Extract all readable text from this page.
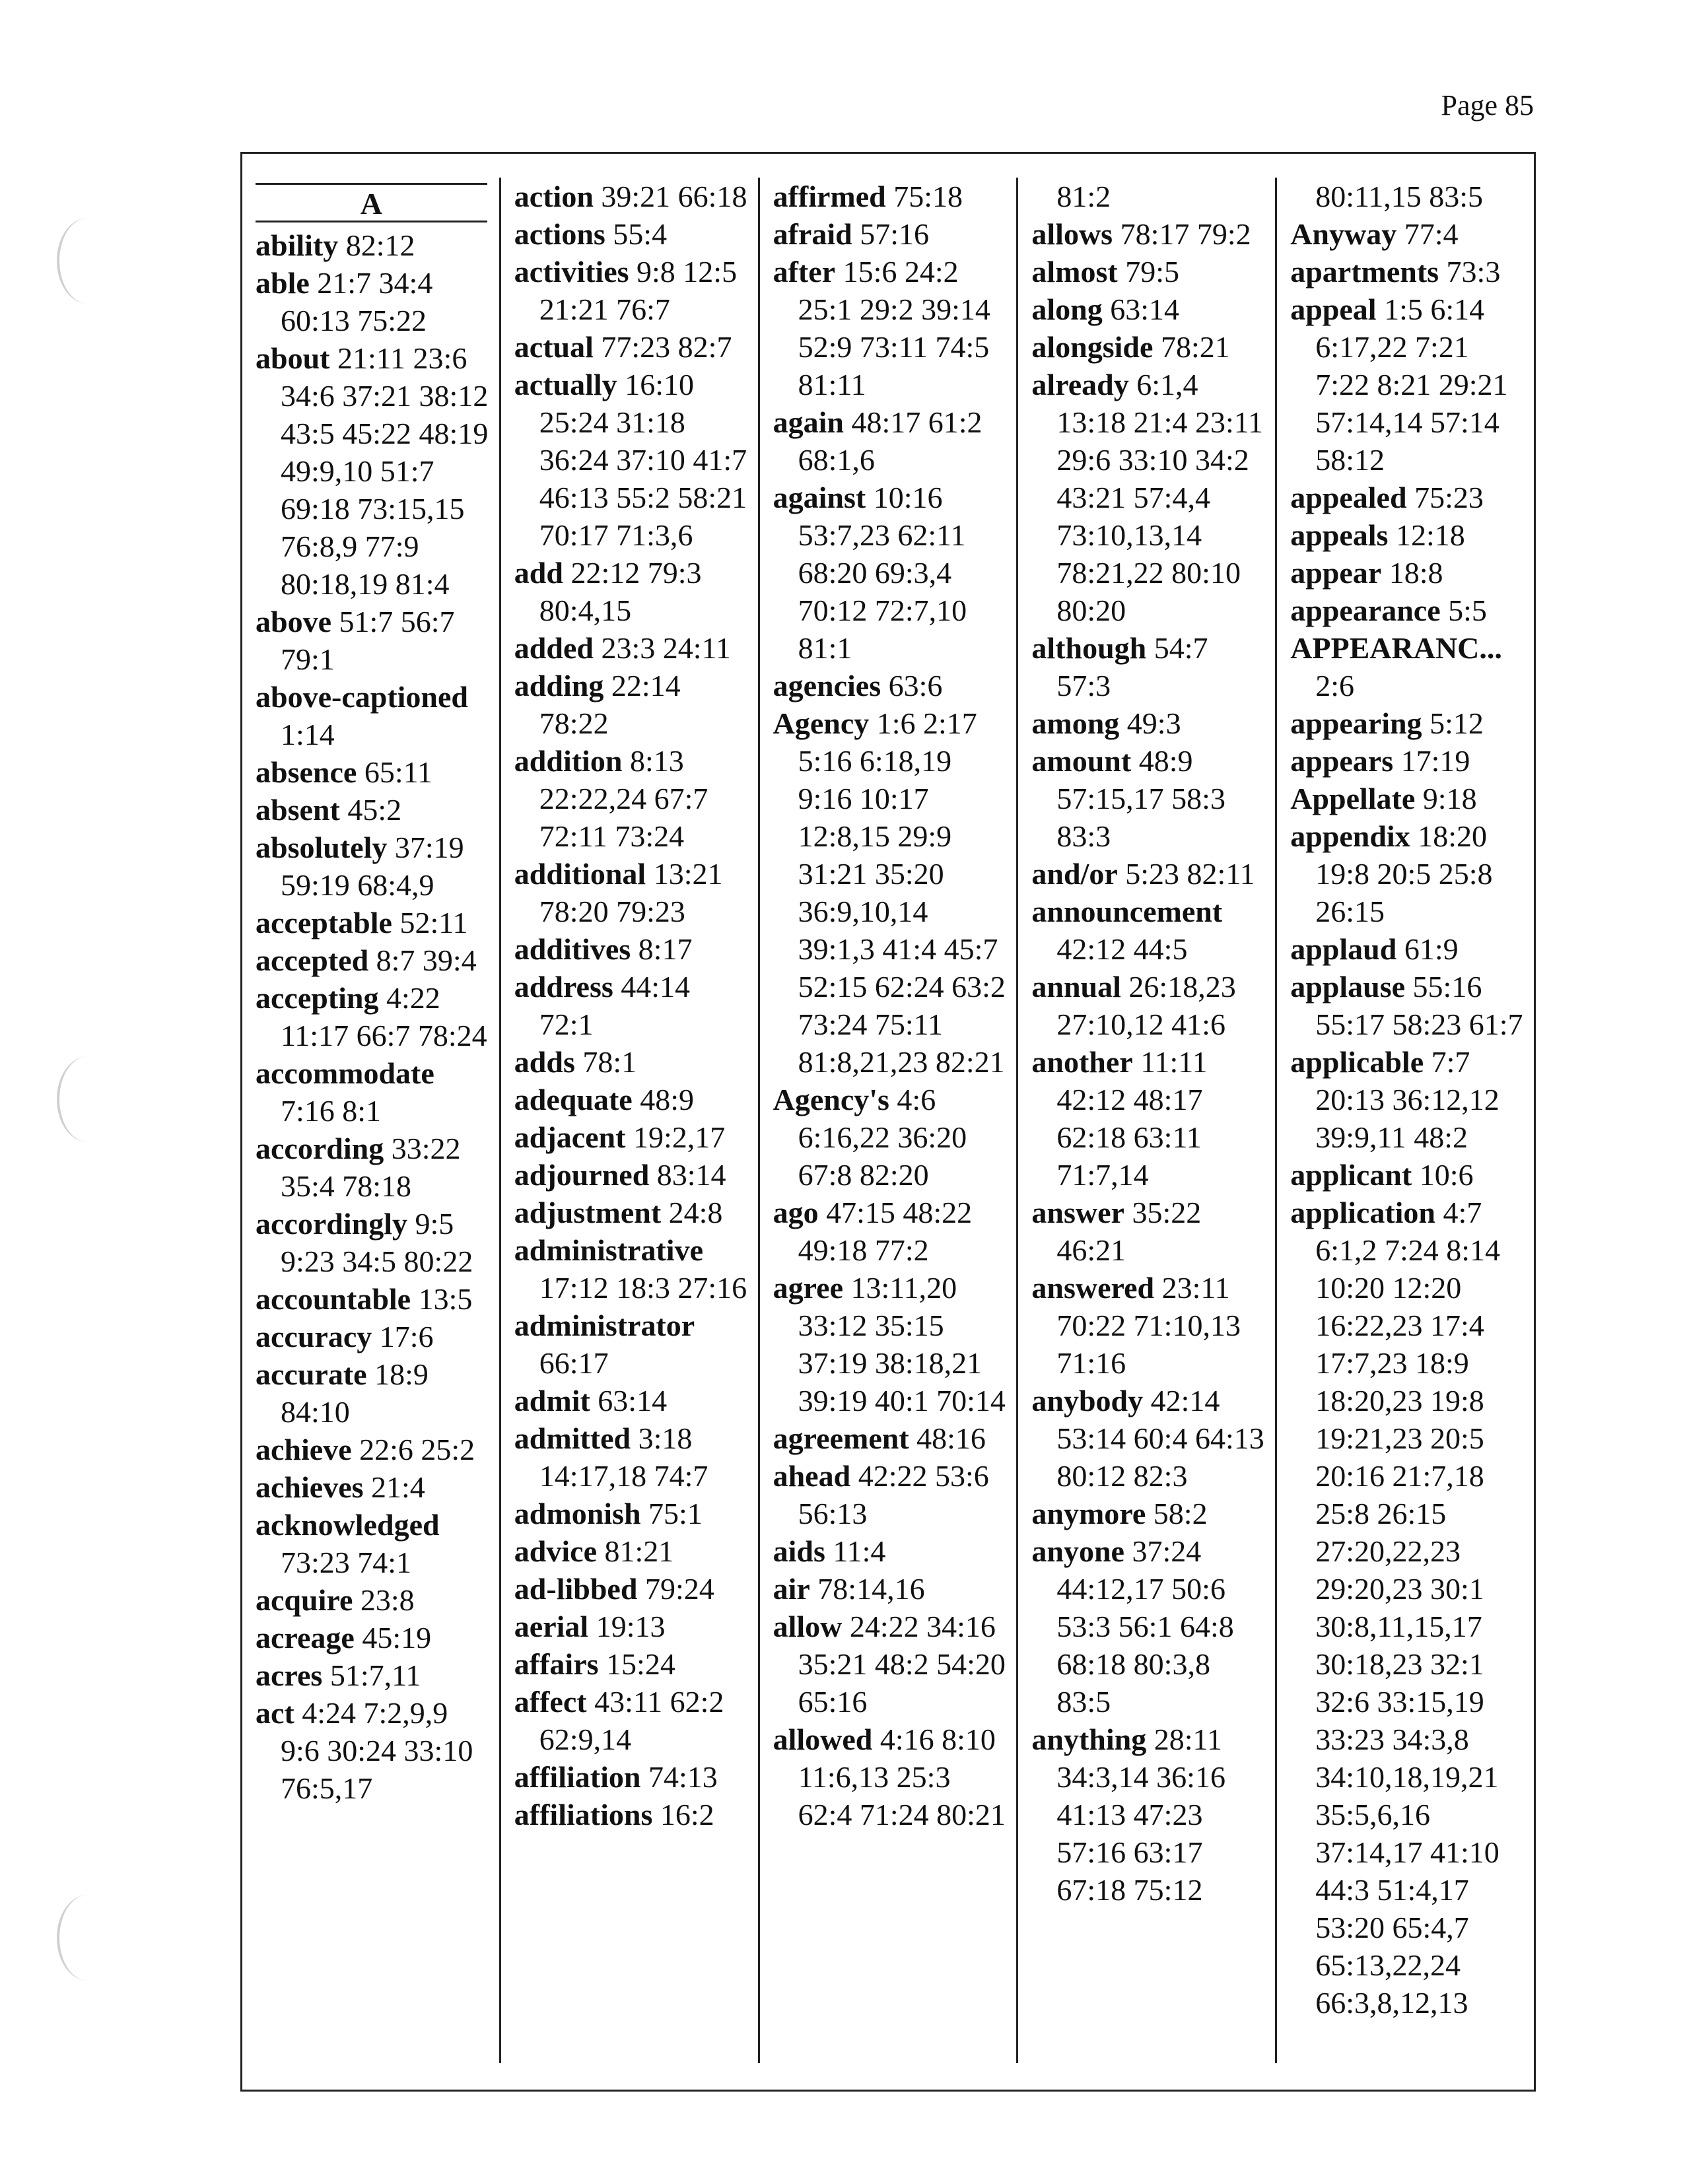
Page 85
A
ability 82:12
able 21:7 34:4 60:13 75:22
about 21:11 23:6 34:6 37:21 38:12 43:5 45:22 48:19 49:9,10 51:7 69:18 73:15,15 76:8,9 77:9 80:18,19 81:4
above 51:7 56:7 79:1
above-captioned 1:14
absence 65:11
absent 45:2
absolutely 37:19 59:19 68:4,9
acceptable 52:11
accepted 8:7 39:4
accepting 4:22 11:17 66:7 78:24
accommodate 7:16 8:1
according 33:22 35:4 78:18
accordingly 9:5 9:23 34:5 80:22
accountable 13:5
accuracy 17:6
accurate 18:9 84:10
achieve 22:6 25:2
achieves 21:4
acknowledged 73:23 74:1
acquire 23:8
acreage 45:19
acres 51:7,11
act 4:24 7:2,9,9 9:6 30:24 33:10 76:5,17
action 39:21 66:18
actions 55:4
activities 9:8 12:5 21:21 76:7
actual 77:23 82:7
actually 16:10 25:24 31:18 36:24 37:10 41:7 46:13 55:2 58:21 70:17 71:3,6
add 22:12 79:3 80:4,15
added 23:3 24:11
adding 22:14 78:22
addition 8:13 22:22,24 67:7 72:11 73:24
additional 13:21 78:20 79:23
additives 8:17
address 44:14 72:1
adds 78:1
adequate 48:9
adjacent 19:2,17
adjourned 83:14
adjustment 24:8
administrative 17:12 18:3 27:16
administrator 66:17
admit 63:14
admitted 3:18 14:17,18 74:7
admonish 75:1
advice 81:21
ad-libbed 79:24
aerial 19:13
affairs 15:24
affect 43:11 62:2 62:9,14
affiliation 74:13
affiliations 16:2
affirmed 75:18
afraid 57:16
after 15:6 24:2 25:1 29:2 39:14 52:9 73:11 74:5 81:11
again 48:17 61:2 68:1,6
against 10:16 53:7,23 62:11 68:20 69:3,4 70:12 72:7,10 81:1
agencies 63:6
Agency 1:6 2:17 5:16 6:18,19 9:16 10:17 12:8,15 29:9 31:21 35:20 36:9,10,14 39:1,3 41:4 45:7 52:15 62:24 63:2 73:24 75:11 81:8,21,23 82:21
Agency's 4:6 6:16,22 36:20 67:8 82:20
ago 47:15 48:22 49:18 77:2
agree 13:11,20 33:12 35:15 37:19 38:18,21 39:19 40:1 70:14
agreement 48:16
ahead 42:22 53:6 56:13
aids 11:4
air 78:14,16
allow 24:22 34:16 35:21 48:2 54:20 65:16
allowed 4:16 8:10 11:6,13 25:3 62:4 71:24 80:21
81:2
allows 78:17 79:2
almost 79:5
along 63:14
alongside 78:21
already 6:1,4 13:18 21:4 23:11 29:6 33:10 34:2 43:21 57:4,4 73:10,13,14 78:21,22 80:10 80:20
although 54:7 57:3
among 49:3
amount 48:9 57:15,17 58:3 83:3
and/or 5:23 82:11
announcement 42:12 44:5
annual 26:18,23 27:10,12 41:6
another 11:11 42:12 48:17 62:18 63:11 71:7,14
answer 35:22 46:21
answered 23:11 70:22 71:10,13 71:16
anybody 42:14 53:14 60:4 64:13 80:12 82:3
anymore 58:2
anyone 37:24 44:12,17 50:6 53:3 56:1 64:8 68:18 80:3,8 83:5
anything 28:11 34:3,14 36:16 41:13 47:23 57:16 63:17 67:18 75:12
80:11,15 83:5
Anyway 77:4
apartments 73:3
appeal 1:5 6:14 6:17,22 7:21 7:22 8:21 29:21 57:14,14 57:14 58:12
appealed 75:23
appeals 12:18
appear 18:8
appearance 5:5
APPEARANC... 2:6
appearing 5:12
appears 17:19
Appellate 9:18
appendix 18:20 19:8 20:5 25:8 26:15
applaud 61:9
applause 55:16 55:17 58:23 61:7
applicable 7:7 20:13 36:12,12 39:9,11 48:2
applicant 10:6
application 4:7 6:1,2 7:24 8:14 10:20 12:20 16:22,23 17:4 17:7,23 18:9 18:20,23 19:8 19:21,23 20:5 20:16 21:7,18 25:8 26:15 27:20,22,23 29:20,23 30:1 30:8,11,15,17 30:18,23 32:1 32:6 33:15,19 33:23 34:3,8 34:10,18,19,21 35:5,6,16 37:14,17 41:10 44:3 51:4,17 53:20 65:4,7 65:13,22,24 66:3,8,12,13
